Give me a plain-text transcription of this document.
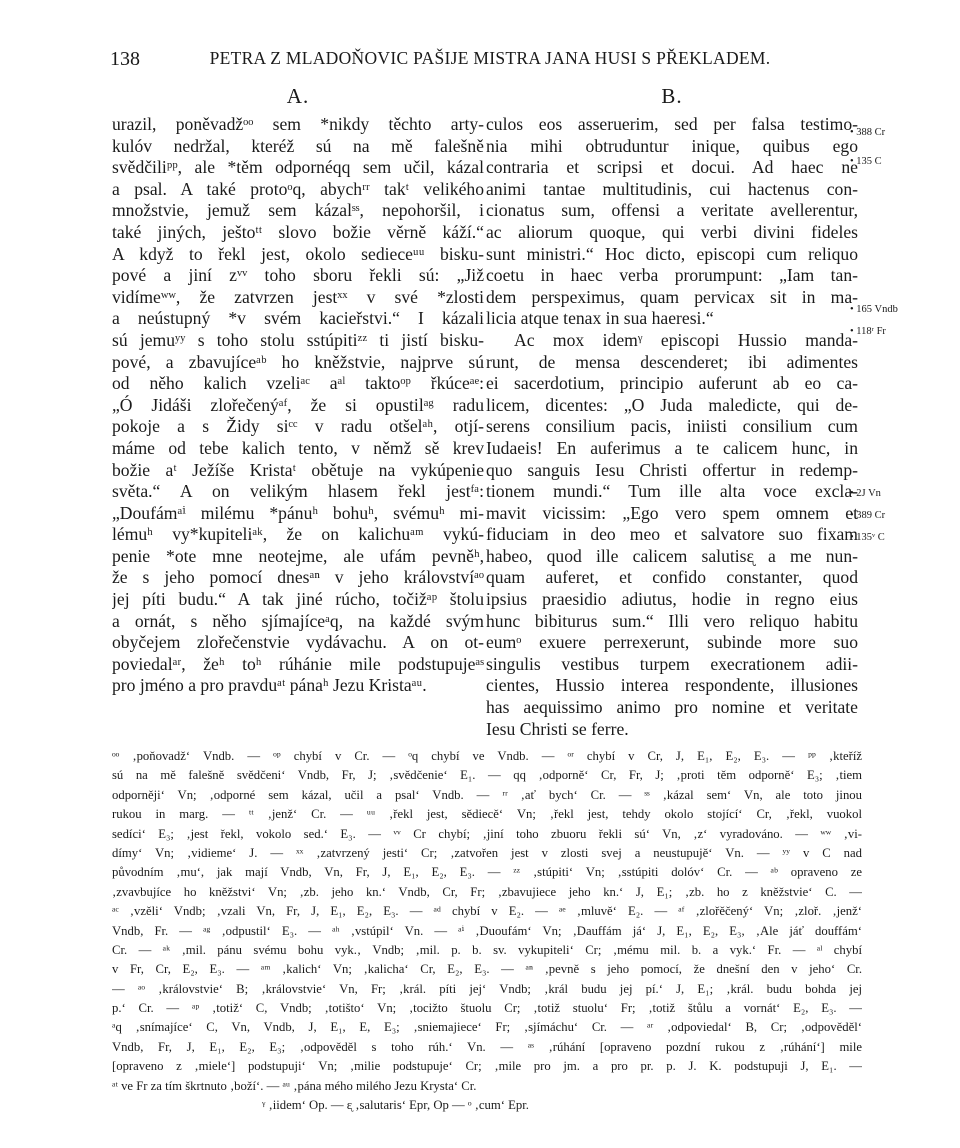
138	PETRA Z MLADOŇOVIC PAŠIJE MISTRA JANA HUSI S PŘEKLADEM.
A.
urazil, poněvadžᵒᵒ sem *nikdy těchto arty-
kulóv nedržal, kteréž sú na mě falešně
svědčiliᵖᵖ, ale *těm odpornéqq sem učil, kázal
a psal. A také protoᵒq, abychʳʳ takᵗ velikého
množstvie, jemuž sem kázalˢˢ, nepohoršil, i
také jiných, ještoᵗᵗ slovo božie věrně káží.“
A když to řekl jest, okolo sedieceᵘᵘ bisku-
pové a jiní zᵛᵛ toho sboru řekli sú: „Již
vidímeʷʷ, že zatvrzen jestˣˣ v své *zlosti
a neústupný *v svém kacieřstvi.“ I kázali
sú jemuʸʸ s toho stolu sstúpitiᶻᶻ ti jistí bisku-
pové, a zbavujíceᵃᵇ ho kněžstvie, najprve sú
od něho kalich vzeliᵃᶜ aᵃˡ taktoᵒᵖ řkúceᵃᵉ:
„Ó Jidáši zlořečenýᵃᶠ, že si opustilᵃᵍ radu
pokoje a s Židy siᶜᶜ v radu otšelᵃʰ, otjí-
máme od tebe kalich tento, v němž sě krev
božie aᵗ Ježíše Kristaᵗ obětuje na vykúpenie
světa.“ A on velikým hlasem řekl jestᶠᵃ:
„Doufámᵃⁱ milému *pánuʰ bohuʰ, svémuʰ mi-
lémuʰ vy*kupiteliᵃᵏ, že on kalichuᵃᵐ vykú-
penie *ote mne neotejme, ale ufám pevněʰ,
že s jeho pomocí dnesᵃⁿ v jeho královstvíᵃᵒ
jej píti budu.“ A tak jiné rúcho, točižᵃᵖ štolu
a ornát, s něho sjímajíceᵃq, na každé svým
obyčejem zlořečenstvie vydávachu. A on ot-
poviedalᵃʳ, žeʰ toʰ rúhánie mile podstupujeᵃˢ
pro jméno a pro pravduᵃᵗ pánaʰ Jezu Kristaᵃᵘ.
B.
culos eos asseruerim, sed per falsa testimo-
nia mihi obtruduntur inique, quibus ego
contraria et scripsi et docui. Ad haec ne
animi tantae multitudinis, cui hactenus con-
cionatus sum, offensi a veritate avellerentur,
ac aliorum quoque, qui verbi divini fideles
sunt ministri.“ Hoc dicto, episcopi cum reliquo
coetu in haec verba prorumpunt: „Iam tan-
dem perspeximus, quam pervicax sit in ma-
licia atque tenax in sua haeresi.“
Ac mox idemᵞ episcopi Hussio manda-
runt, de mensa descenderet; ibi adimentes
ei sacerdotium, principio auferunt ab eo ca-
licem, dicentes: „O Juda maledicte, qui de-
serens consilium pacis, iniisti consilium cum
Iudaeis! En auferimus a te calicem hunc, in
quo sanguis Iesu Christi offertur in redemp-
tionem mundi.“ Tum ille alta voce excla-
mavit vicissim: „Ego vero spem omnem et
fiduciam in deo meo et salvatore suo fixam
habeo, quod ille calicem salutisᶓ a me nun-
quam auferet, et confido constanter, quod
ipsius praesidio adiutus, hodie in regno eius
hunc bibiturus sum.“ Illi vero reliquo habitu
eumᵒ exuere perrexerunt, subinde more suo
singulis vestibus turpem execrationem adii-
cientes, Hussio interea respondente, illusiones
has aequissimo animo pro nomine et veritate
Iesu Christi se ferre.
• 388 Cr
• 135 C
• 165 Vndb
• 118ʳ Fr
• 2J Vn
• 389 Cr
• 135ᵛ C
ᵒᵒ ‚poňovadž‘ Vndb. — ᵒᵖ chybí v Cr. — ᵒq chybí ve Vndb. — ᵒʳ chybí v Cr, J, E₁, E₂, E₃. — ᵖᵖ ‚kteříž
sú na mě falešně svědčeni‘ Vndb, Fr, J; ‚svědčenie‘ E₁. — qq ‚odporně‘ Cr, Fr, J; ‚proti těm odporně‘ E₃; ‚tiem
odporněji‘ Vn; ‚odporné sem kázal, učil a psal‘ Vndb. — ʳʳ ‚ať bych‘ Cr. — ˢˢ ‚kázal sem‘ Vn, ale toto jinou
rukou in marg. — ᵗᵗ ‚jenž‘ Cr. — ᵘᵘ ‚řekl jest, sědiecě‘ Vn; ‚řekl jest, tehdy okolo stojící‘ Cr, ‚řekl, vuokol
sedíci‘ E₃; ‚jest řekl, vokolo sed.‘ E₃. — ᵛᵛ Cr chybí; ‚jiní toho zbuoru řekli sú‘ Vn, ‚z‘ vyradováno. — ʷʷ ‚vi-
dímy‘ Vn; ‚vidieme‘ J. — ˣˣ ‚zatvrzený jesti‘ Cr; ‚zatvořen jest v zlosti svej a neustupujě‘ Vn. — ʸʸ v C nad
původním ‚mu‘, jak mají Vndb, Vn, Fr, J, E₁, E₂, E₃. — ᶻᶻ ‚stúpiti‘ Vn; ‚sstúpiti dolóv‘ Cr. — ᵃᵇ opraveno ze
‚zvavbujíce ho kněžstvi‘ Vn; ‚zb. jeho kn.‘ Vndb, Cr, Fr; ‚zbavujiece jeho kn.‘ J, E₁; ‚zb. ho z kněžstvie‘ C. —
ᵃᶜ ‚vzěli‘ Vndb; ‚vzali Vn, Fr, J, E₁, E₂, E₃. — ᵃᵈ chybí v E₂. — ᵃᵉ ‚mluvě‘ E₂. — ᵃᶠ ‚zlořěčený‘ Vn; ‚zloř. ‚jenž‘
Vndb, Fr. — ᵃᵍ ‚odpustil‘ E₃. — ᵃʰ ‚vstúpil‘ Vn. — ᵃⁱ ‚Duoufám‘ Vn; ‚Dauffám já‘ J, E₁, E₂, E₃, ‚Ale jáť douffám‘
Cr. — ᵃᵏ ‚mil. pánu svému bohu vyk.‚ Vndb; ‚mil. p. b. sv. vykupiteli‘ Cr; ‚mému mil. b. a vyk.‘ Fr. — ᵃˡ chybí
v Fr, Cr, E₂, E₃. — ᵃᵐ ‚kalich‘ Vn; ‚kalicha‘ Cr, E₂, E₃. — ᵃⁿ ‚pevně s jeho pomocí, že dnešní den v jeho‘ Cr.
— ᵃᵒ ‚královstvie‘ B; ‚královstvie‘ Vn, Fr; ‚král. píti jej‘ Vndb; ‚král budu jej pí.‘ J, E₁; ‚král. budu bohda jej
p.‘ Cr. — ᵃᵖ ‚totiž‘ C, Vndb; ‚totišto‘ Vn; ‚tocižto štuolu Cr; ‚totiž stuolu‘ Fr; ‚totiž štůlu a vornát‘ E₂, E₃. —
ᵃq ‚snímajíce‘ C, Vn, Vndb, J, E₁, E, E₃; ‚sniemajiece‘ Fr; ‚sjímáchu‘ Cr. — ᵃʳ ‚odpoviedal‘ B, Cr; ‚odpověděl‘
Vndb, Fr, J, E₁, E₂, E₃; ‚odpověděl s toho rúh.‘ Vn. — ᵃˢ ‚rúhání [opraveno pozdní rukou z ‚rúhání‘] mile
[opraveno z ‚miele‘] podstupuji‘ Vn; ‚milie podstupuje‘ Cr; ‚mile pro jm. a pro pr. p. J. K. podstupuji J, E₁. —
ᵃᵗ ve Fr za tím škrtnuto ‚boží‘. — ᵃᵘ ‚pána mého milého Jezu Krysta‘ Cr.
ᵞ ‚iidem‘ Op. — ᶓ ‚salutaris‘ Epr, Op — ᵒ ‚cum‘ Epr.
